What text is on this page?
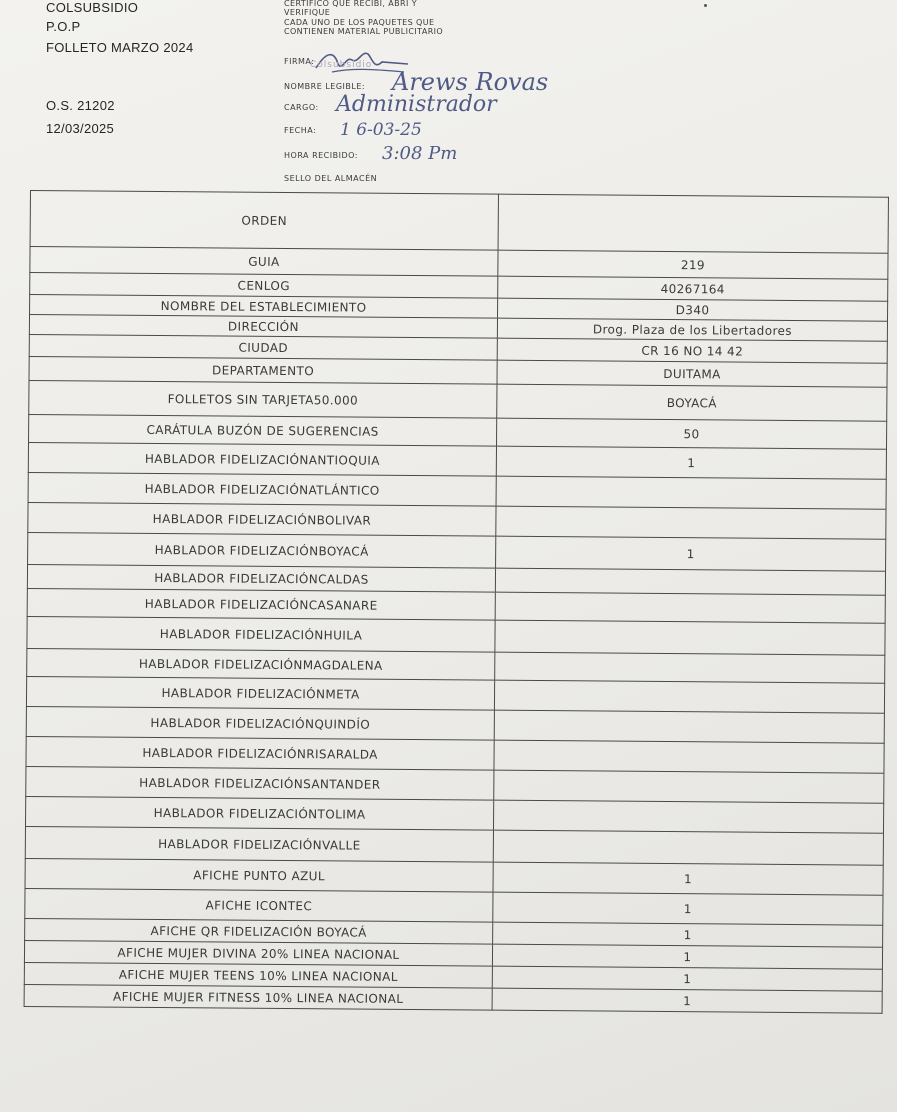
COLSUBSIDIO
P.O.P
FOLLETO MARZO 2024
O.S. 21202
12/03/2025
CERTIFICO QUE RECIBÍ, ABRÍ Y
VERIFIQUE
CADA UNO DE LOS PAQUETES QUE
CONTIENEN MATERIAL PUBLICITARIO
FIRMA:
Colsubsidio
NOMBRE LEGIBLE: Arews Rovas
CARGO: Administrador
FECHA: 1 6-03-25
HORA RECIBIDO: 3:08 Pm
SELLO DEL ALMACÉN
ORDEN	
GUIA	219
CENLOG	40267164
NOMBRE DEL ESTABLECIMIENTO	D340
DIRECCIÓN	Drog. Plaza de los Libertadores
CIUDAD	CR 16 NO 14 42
DEPARTAMENTO	DUITAMA
FOLLETOS SIN TARJETA50.000	BOYACÁ
CARÁTULA BUZÓN DE SUGERENCIAS	50
HABLADOR FIDELIZACIÓNANTIOQUIA	1
HABLADOR FIDELIZACIÓNATLÁNTICO	
HABLADOR FIDELIZACIÓNBOLIVAR	
HABLADOR FIDELIZACIÓNBOYACÁ	1
HABLADOR FIDELIZACIÓNCALDAS	
HABLADOR FIDELIZACIÓNCASANARE	
HABLADOR FIDELIZACIÓNHUILA	
HABLADOR FIDELIZACIÓNMAGDALENA	
HABLADOR FIDELIZACIÓNMETA	
HABLADOR FIDELIZACIÓNQUINDÍO	
HABLADOR FIDELIZACIÓNRISARALDA	
HABLADOR FIDELIZACIÓNSANTANDER	
HABLADOR FIDELIZACIÓNTOLIMA	
HABLADOR FIDELIZACIÓNVALLE	
AFICHE PUNTO AZUL	1
AFICHE ICONTEC	1
AFICHE QR FIDELIZACIÓN BOYACÁ	1
AFICHE MUJER DIVINA 20% LINEA NACIONAL	1
AFICHE MUJER TEENS 10% LINEA NACIONAL	1
AFICHE MUJER FITNESS 10% LINEA NACIONAL	1
